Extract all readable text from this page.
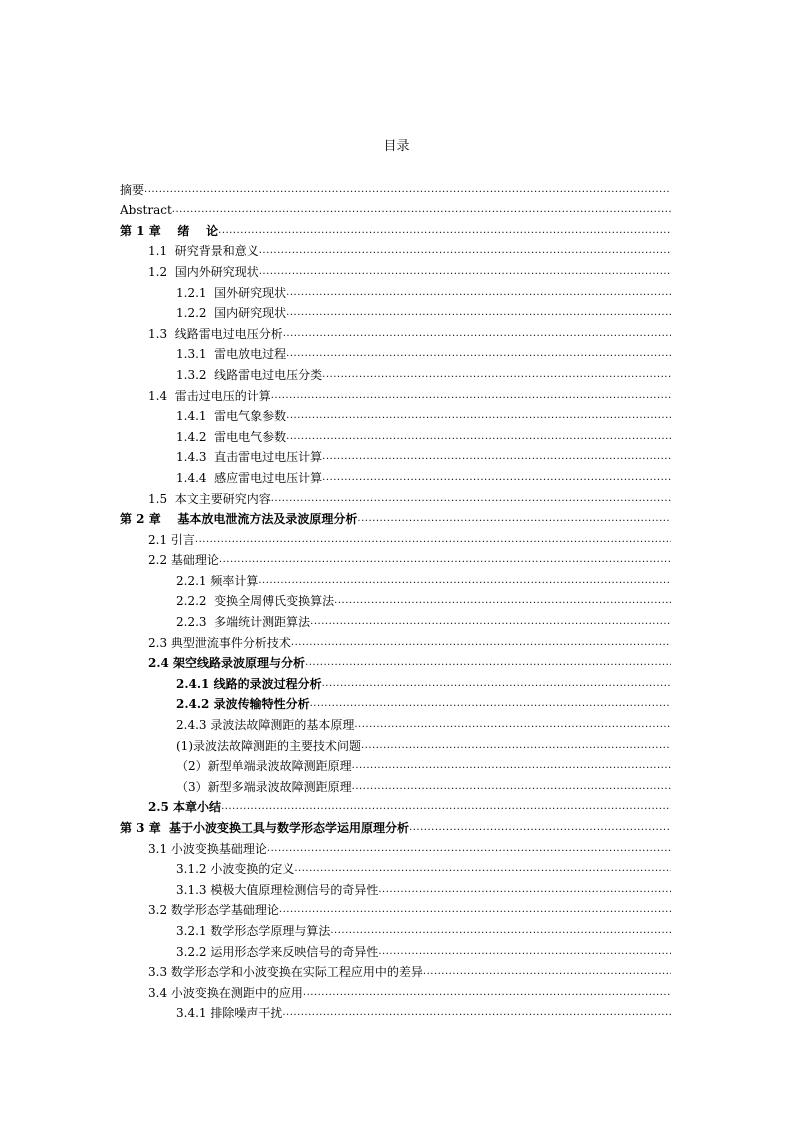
目录
摘要
.....
Abstract
.....
第 1 章    绪    论
.....
1.1  研究背景和意义
.....
1.2  国内外研究现状
.....
1.2.1  国外研究现状
.....
1.2.2  国内研究现状
.....
1.3  线路雷电过电压分析
.....
1.3.1  雷电放电过程
.....
1.3.2  线路雷电过电压分类
.....
1.4  雷击过电压的计算
.....
1.4.1  雷电气象参数
.....
1.4.2  雷电电气参数
.....
1.4.3  直击雷电过电压计算
.....
1.4.4  感应雷电过电压计算
.....
1.5  本文主要研究内容
.....
第 2 章    基本放电泄流方法及录波原理分析
.....
2.1 引言
.....
2.2 基础理论
.....
2.2.1 频率计算
.....
2.2.2  变换全周傅氏变换算法
.....
2.2.3  多端统计测距算法
.....
2.3 典型泄流事件分析技术
.....
2.4 架空线路录波原理与分析
.....
2.4.1 线路的录波过程分析
.....
2.4.2 录波传输特性分析
.....
2.4.3 录波法故障测距的基本原理
.....
(1)录波法故障测距的主要技术问题
.....
（2）新型单端录波故障测距原理
.....
（3）新型多端录波故障测距原理
.....
2.5 本章小结
.....
第 3 章  基于小波变换工具与数学形态学运用原理分析
.....
3.1 小波变换基础理论
.....
3.1.2 小波变换的定义
.....
3.1.3 模极大值原理检测信号的奇异性
.....
3.2 数学形态学基础理论
.....
3.2.1 数学形态学原理与算法
.....
3.2.2 运用形态学来反映信号的奇异性
.....
3.3 数学形态学和小波变换在实际工程应用中的差异
.....
3.4 小波变换在测距中的应用
.....
3.4.1 排除噪声干扰
.....
